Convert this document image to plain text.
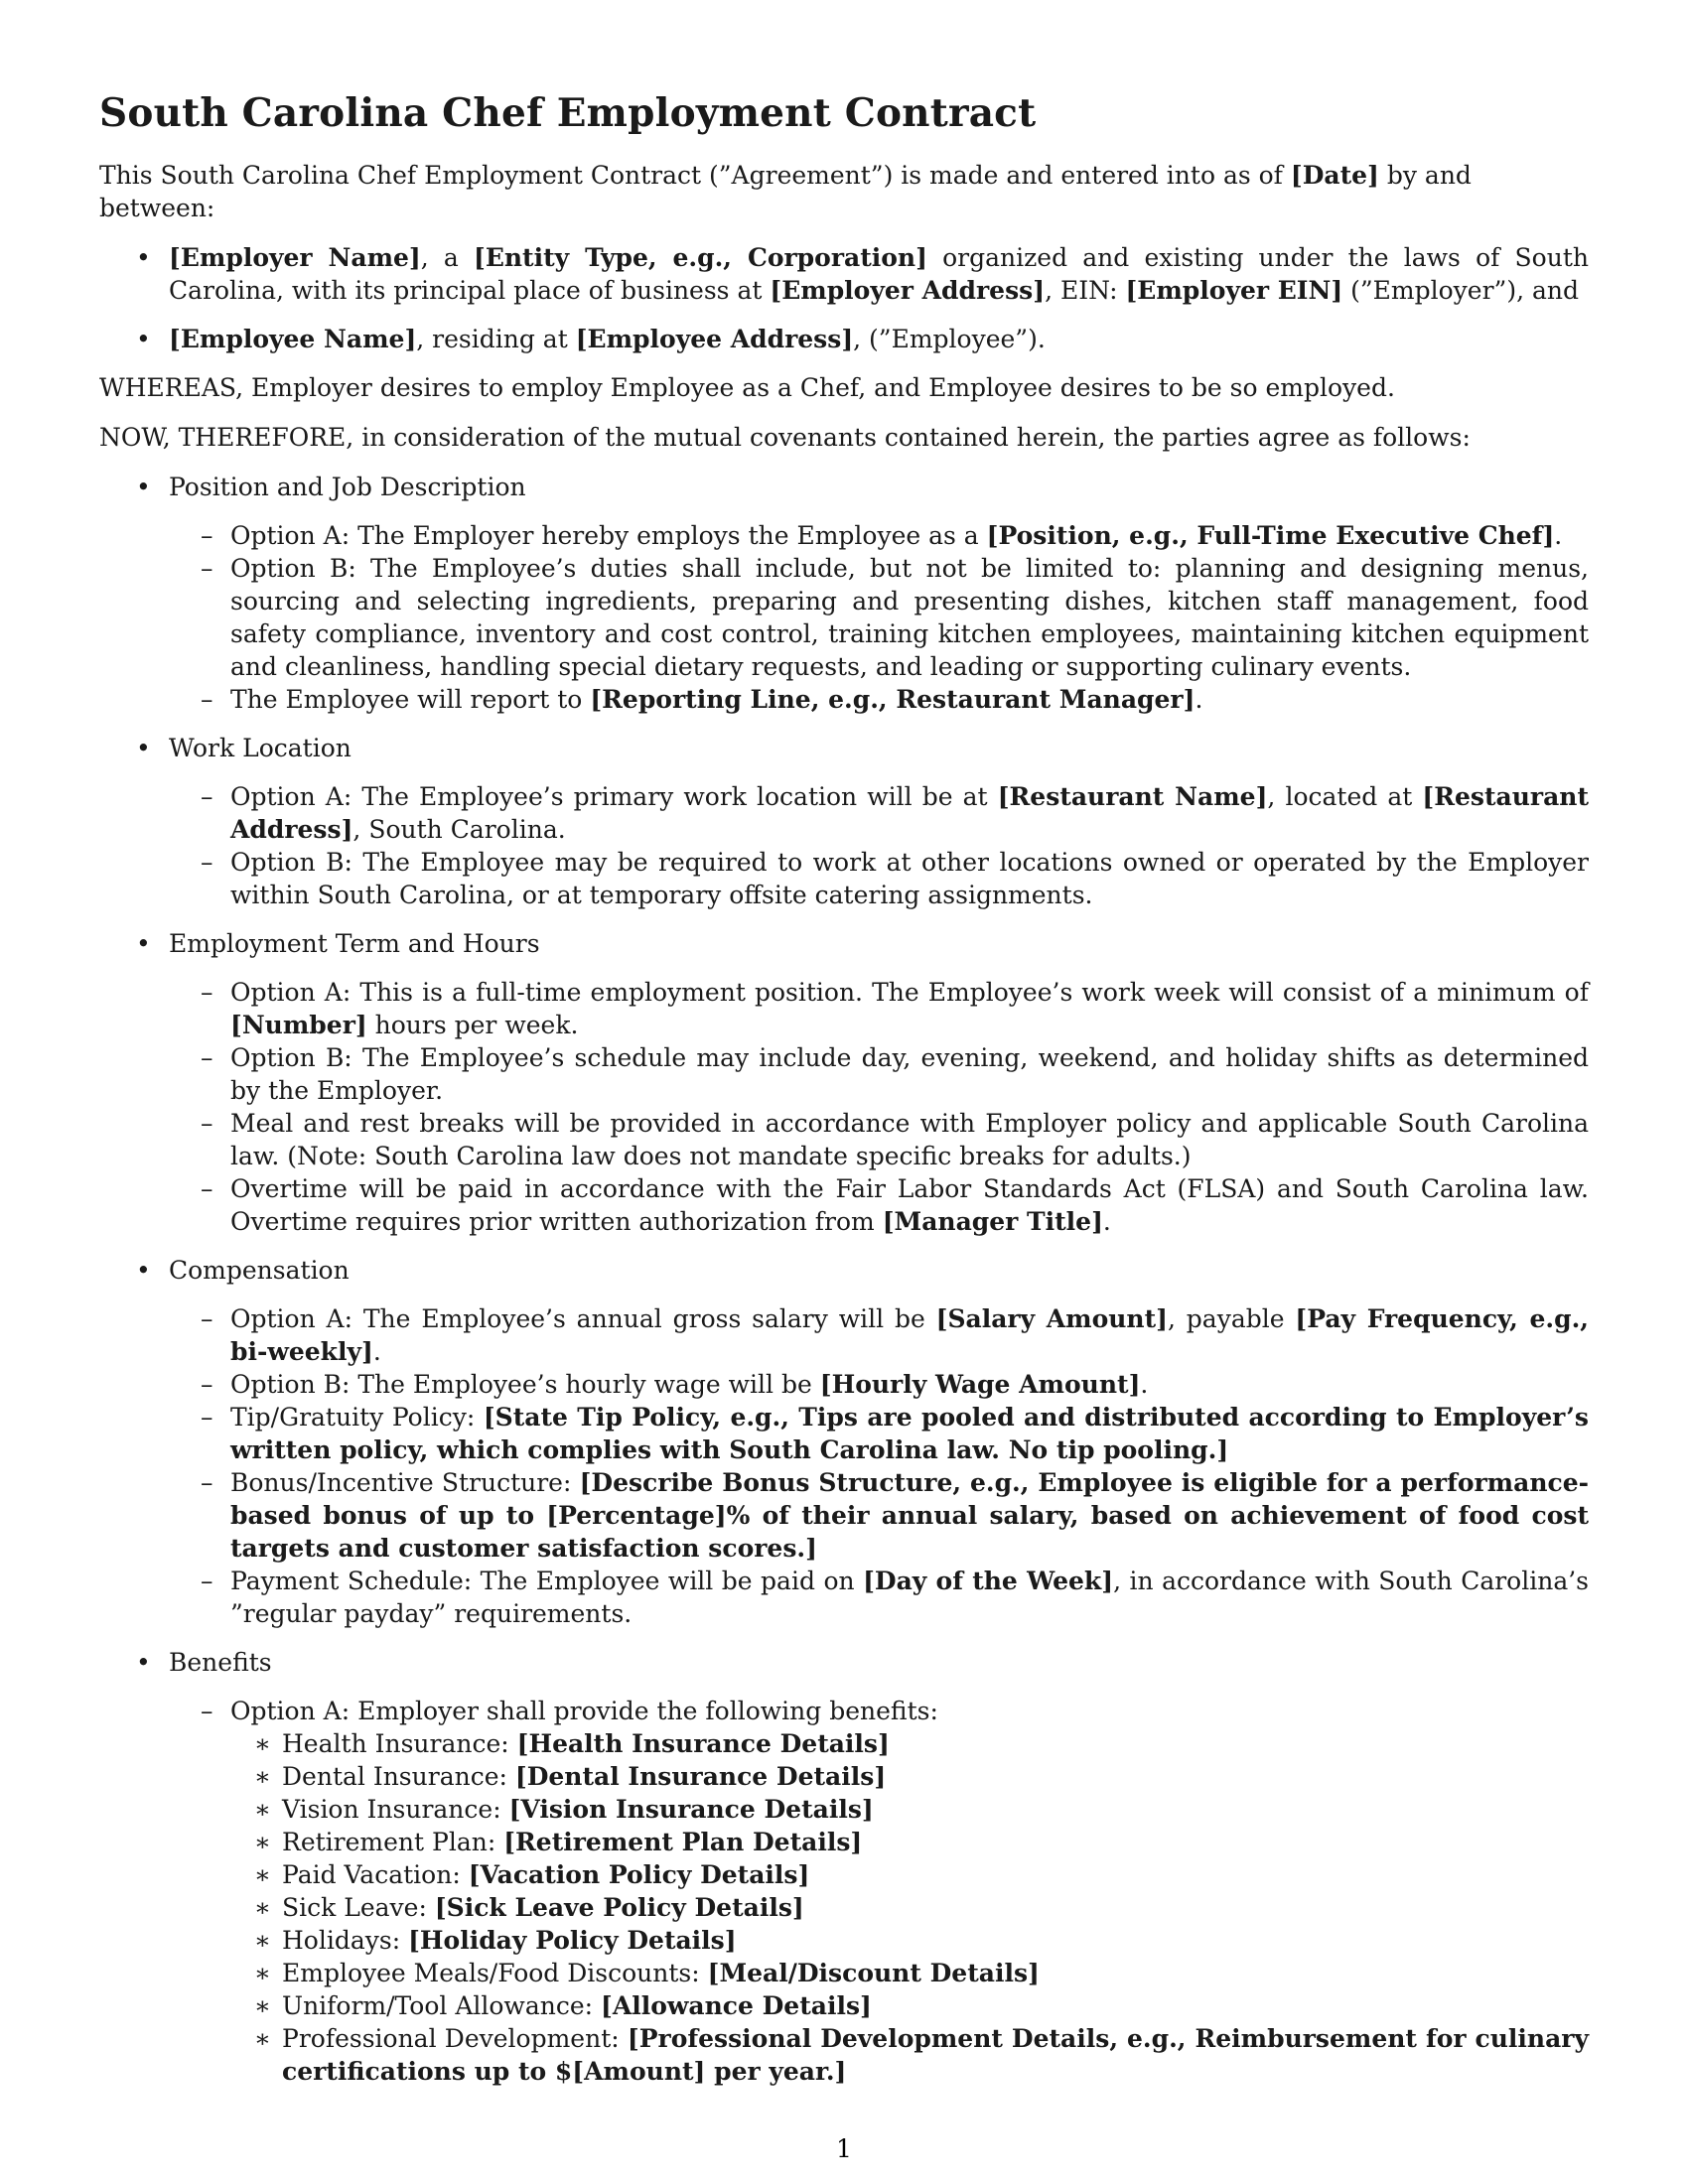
South Carolina Chef Employment Contract

This South Carolina Chef Employment Contract (”Agreement”) is made and entered into as of [Date] by and between:

• [Employer Name], a [Entity Type, e.g., Corporation] organized and existing under the laws of South Carolina, with its principal place of business at [Employer Address], EIN: [Employer EIN] (”Employer”), and
• [Employee Name], residing at [Employee Address], (”Employee”).

WHEREAS, Employer desires to employ Employee as a Chef, and Employee desires to be so employed.

NOW, THEREFORE, in consideration of the mutual covenants contained herein, the parties agree as follows:

• Position and Job Description
– Option A: The Employer hereby employs the Employee as a [Position, e.g., Full-Time Executive Chef].
– Option B: The Employee’s duties shall include, but not be limited to: planning and designing menus, sourcing and selecting ingredients, preparing and presenting dishes, kitchen staff management, food safety compliance, inventory and cost control, training kitchen employees, maintaining kitchen equipment and cleanliness, handling special dietary requests, and leading or supporting culinary events.
– The Employee will report to [Reporting Line, e.g., Restaurant Manager].
• Work Location
– Option A: The Employee’s primary work location will be at [Restaurant Name], located at [Restaurant Address], South Carolina.
– Option B: The Employee may be required to work at other locations owned or operated by the Employer within South Carolina, or at temporary offsite catering assignments.
• Employment Term and Hours
– Option A: This is a full-time employment position. The Employee’s work week will consist of a minimum of [Number] hours per week.
– Option B: The Employee’s schedule may include day, evening, weekend, and holiday shifts as determined by the Employer.
– Meal and rest breaks will be provided in accordance with Employer policy and applicable South Carolina law. (Note: South Carolina law does not mandate specific breaks for adults.)
– Overtime will be paid in accordance with the Fair Labor Standards Act (FLSA) and South Carolina law. Overtime requires prior written authorization from [Manager Title].
• Compensation
– Option A: The Employee’s annual gross salary will be [Salary Amount], payable [Pay Frequency, e.g., bi-weekly].
– Option B: The Employee’s hourly wage will be [Hourly Wage Amount].
– Tip/Gratuity Policy: [State Tip Policy, e.g., Tips are pooled and distributed according to Employer’s written policy, which complies with South Carolina law. No tip pooling.]
– Bonus/Incentive Structure: [Describe Bonus Structure, e.g., Employee is eligible for a performance-based bonus of up to [Percentage]% of their annual salary, based on achievement of food cost targets and customer satisfaction scores.]
– Payment Schedule: The Employee will be paid on [Day of the Week], in accordance with South Carolina’s ”regular payday” requirements.
• Benefits
– Option A: Employer shall provide the following benefits:
∗ Health Insurance: [Health Insurance Details]
∗ Dental Insurance: [Dental Insurance Details]
∗ Vision Insurance: [Vision Insurance Details]
∗ Retirement Plan: [Retirement Plan Details]
∗ Paid Vacation: [Vacation Policy Details]
∗ Sick Leave: [Sick Leave Policy Details]
∗ Holidays: [Holiday Policy Details]
∗ Employee Meals/Food Discounts: [Meal/Discount Details]
∗ Uniform/Tool Allowance: [Allowance Details]
∗ Professional Development: [Professional Development Details, e.g., Reimbursement for culinary certifications up to $[Amount] per year.]
1
